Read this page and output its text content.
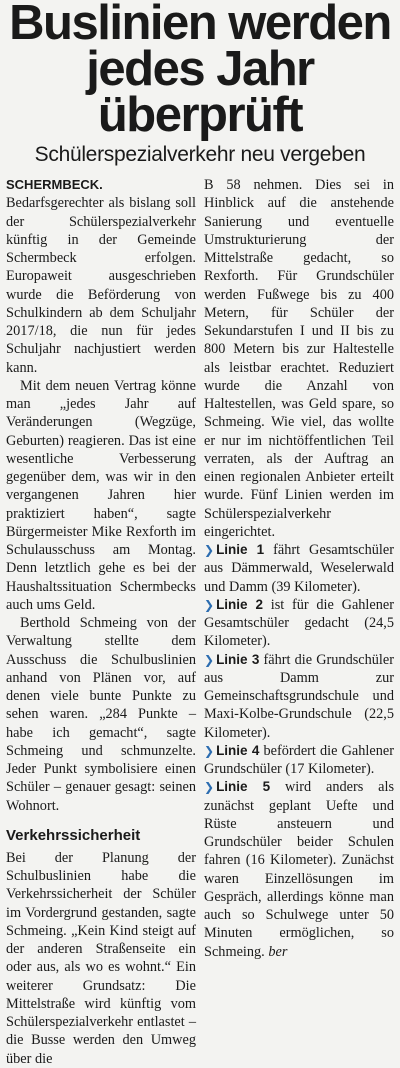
Buslinien werden
jedes Jahr
überprüft
Schülerspezialverkehr neu vergeben

SCHERMBECK. Bedarfsgerechter als bislang soll der Schülerspezialverkehr künftig in der Gemeinde Schermbeck erfolgen. Europaweit ausgeschrieben wurde die Beförderung von Schulkindern ab dem Schuljahr 2017/18, die nun für jedes Schuljahr nachjustiert werden kann.

Mit dem neuen Vertrag könne man „jedes Jahr auf Veränderungen (Wegzüge, Geburten) reagieren. Das ist eine wesentliche Verbesserung gegenüber dem, was wir in den vergangenen Jahren hier praktiziert haben“, sagte Bürgermeister Mike Rexforth im Schulausschuss am Montag. Denn letztlich gehe es bei der Haushaltssituation Schermbecks auch ums Geld.

Berthold Schmeing von der Verwaltung stellte dem Ausschuss die Schulbuslinien anhand von Plänen vor, auf denen viele bunte Punkte zu sehen waren. „284 Punkte – habe ich gemacht“, sagte Schmeing und schmunzelte. Jeder Punkt symbolisiere einen Schüler – genauer gesagt: seinen Wohnort.

Verkehrssicherheit

Bei der Planung der Schulbuslinien habe die Verkehrssicherheit der Schüler im Vordergrund gestanden, sagte Schmeing. „Kein Kind steigt auf der anderen Straßenseite ein oder aus, als wo es wohnt.“ Ein weiterer Grundsatz: Die Mittelstraße wird künftig vom Schülerspezialverkehr entlastet – die Busse werden den Umweg über die

B 58 nehmen. Dies sei in Hinblick auf die anstehende Sanierung und eventuelle Umstrukturierung der Mittelstraße gedacht, so Rexforth. Für Grundschüler werden Fußwege bis zu 400 Metern, für Schüler der Sekundarstufen I und II bis zu 800 Metern bis zur Haltestelle als leistbar erachtet. Reduziert wurde die Anzahl von Haltestellen, was Geld spare, so Schmeing. Wie viel, das wollte er nur im nichtöffentlichen Teil verraten, als der Auftrag an einen regionalen Anbieter erteilt wurde. Fünf Linien werden im Schülerspezialverkehr eingerichtet.

❯ Linie 1 fährt Gesamtschüler aus Dämmerwald, Weselerwald und Damm (39 Kilometer).

❯ Linie 2 ist für die Gahlener Gesamtschüler gedacht (24,5 Kilometer).

❯ Linie 3 fährt die Grundschüler aus Damm zur Gemeinschaftsgrundschule und Maxi-Kolbe-Grundschule (22,5 Kilometer).

❯ Linie 4 befördert die Gahlener Grundschüler (17 Kilometer).

❯ Linie 5 wird anders als zunächst geplant Uefte und Rüste ansteuern und Grundschüler beider Schulen fahren (16 Kilometer). Zunächst waren Einzellösungen im Gespräch, allerdings könne man auch so Schulwege unter 50 Minuten ermöglichen, so Schmeing. ber
